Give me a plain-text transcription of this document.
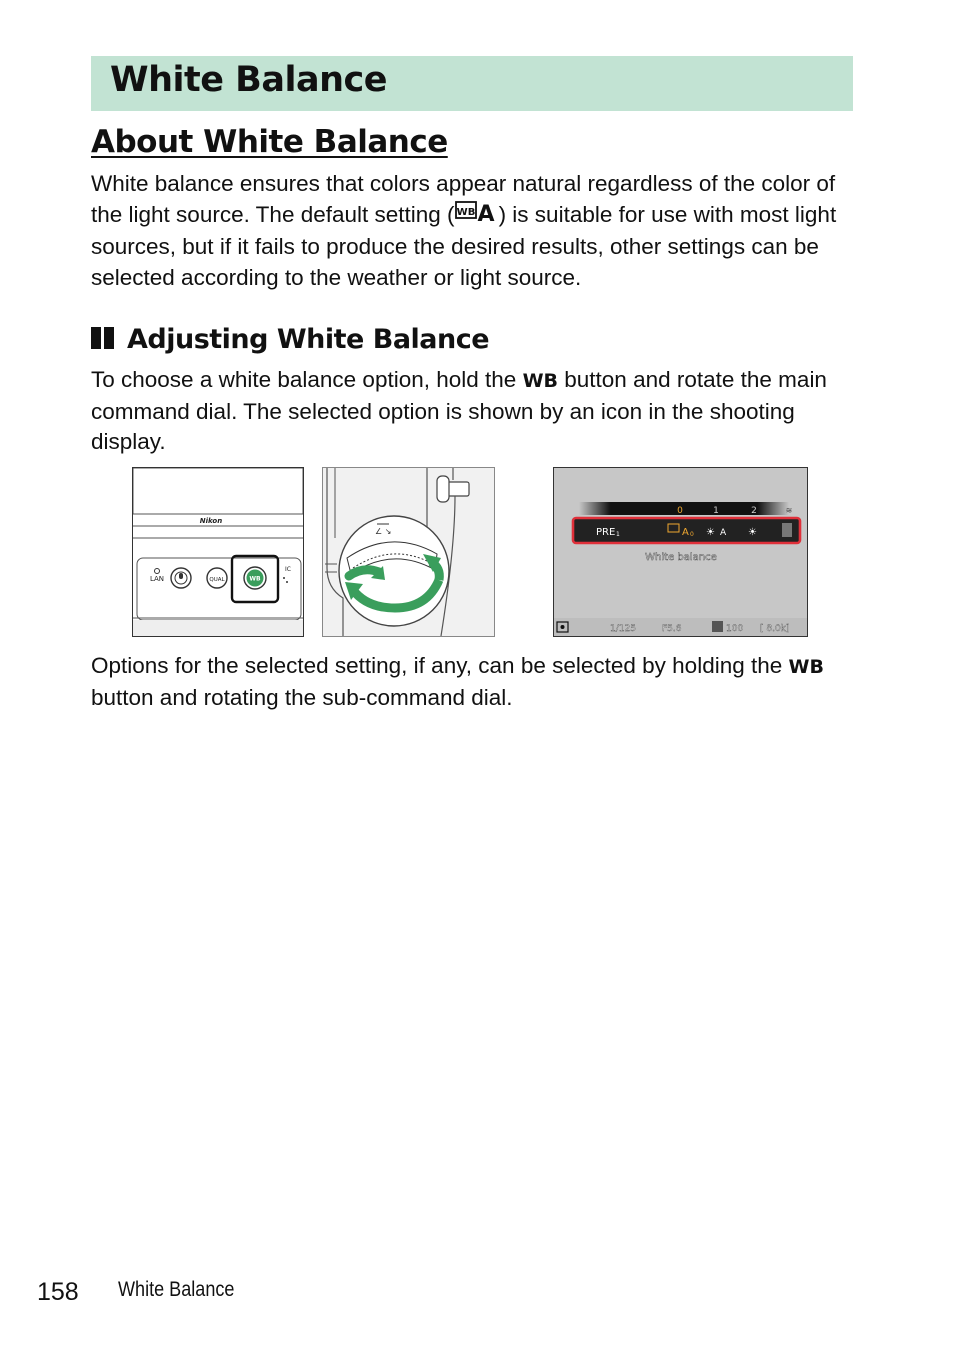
White Balance
About White Balance

White balance ensures that colors appear natural regardless of the color of the light source. The default setting ( WB A ) is suitable for use with most light sources, but if it fails to produce the desired results, other settings can be selected according to the weather or light source.

Adjusting White Balance

To choose a white balance option, hold the WB button and rotate the main command dial. The selected option is shown by an icon in the shooting display.

Nikon
LAN	QUAL	WB
IC
∠ ↘
0	1	2	≋
PRE 1	A 0 ☀ A ☀
White balance
1/125	F5.6	100 [ 8.0k]

Options for the selected setting, if any, can be selected by holding the WB button and rotating the sub-command dial.

158 White Balance
